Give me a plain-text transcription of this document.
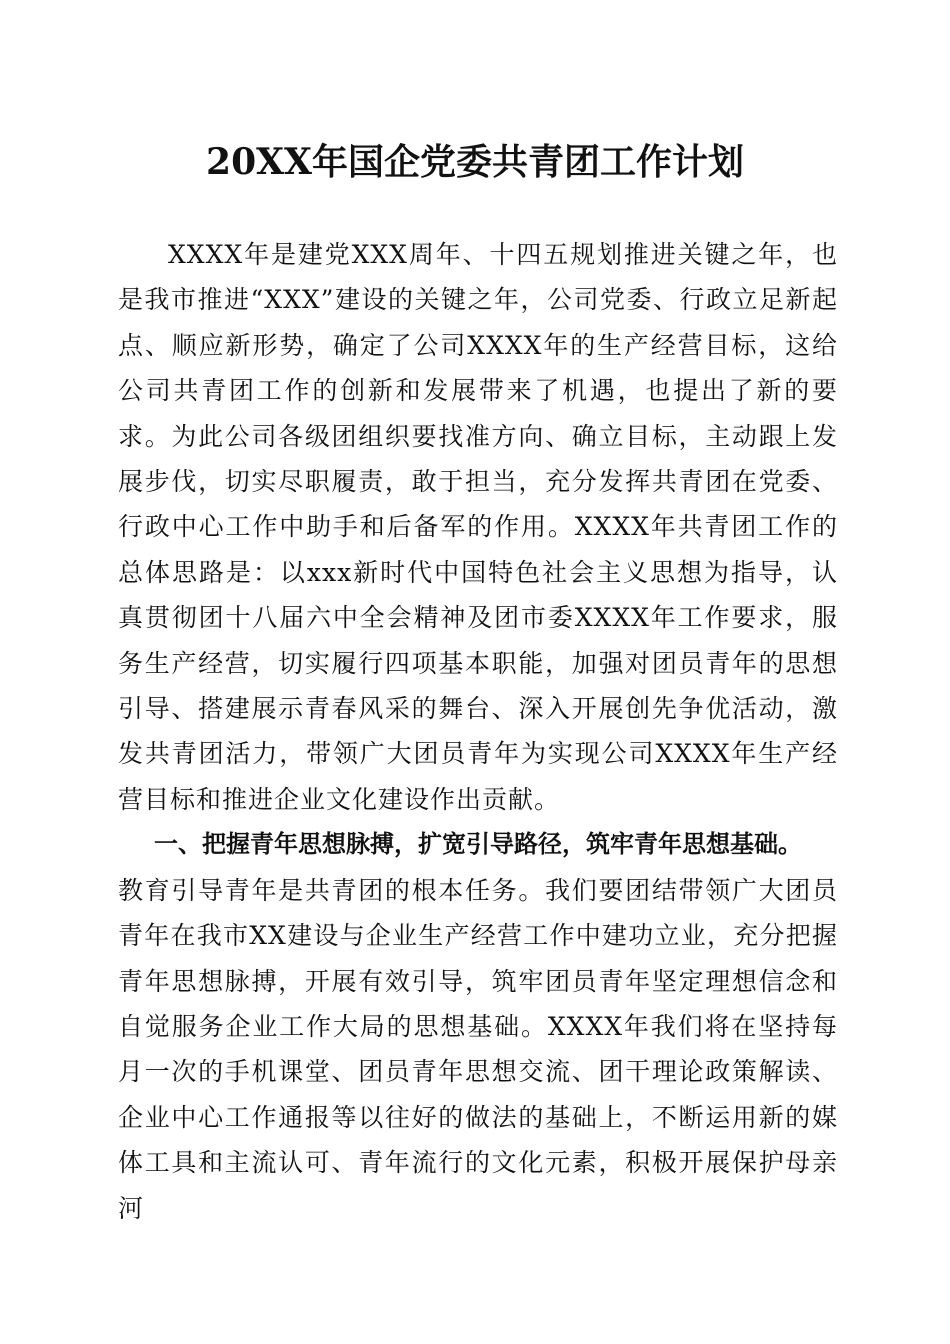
20XX年国企党委共青团工作计划

XXXX年是建党XXX周年、十四五规划推进关键之年，也是我市推进“XXX”建设的关键之年，公司党委、行政立足新起点、顺应新形势，确定了公司XXXX年的生产经营目标，这给公司共青团工作的创新和发展带来了机遇，也提出了新的要求。为此公司各级团组织要找准方向、确立目标，主动跟上发展步伐，切实尽职履责，敢于担当，充分发挥共青团在党委、行政中心工作中助手和后备军的作用。XXXX年共青团工作的总体思路是：以xxx新时代中国特色社会主义思想为指导，认真贯彻团十八届六中全会精神及团市委XXXX年工作要求，服务生产经营，切实履行四项基本职能，加强对团员青年的思想引导、搭建展示青春风采的舞台、深入开展创先争优活动，激发共青团活力，带领广大团员青年为实现公司XXXX年生产经营目标和推进企业文化建设作出贡献。

一、把握青年思想脉搏，扩宽引导路径，筑牢青年思想基础。

教育引导青年是共青团的根本任务。我们要团结带领广大团员青年在我市XX建设与企业生产经营工作中建功立业，充分把握青年思想脉搏，开展有效引导，筑牢团员青年坚定理想信念和自觉服务企业工作大局的思想基础。XXXX年我们将在坚持每月一次的手机课堂、团员青年思想交流、团干理论政策解读、企业中心工作通报等以往好的做法的基础上，不断运用新的媒体工具和主流认可、青年流行的文化元素，积极开展保护母亲河
